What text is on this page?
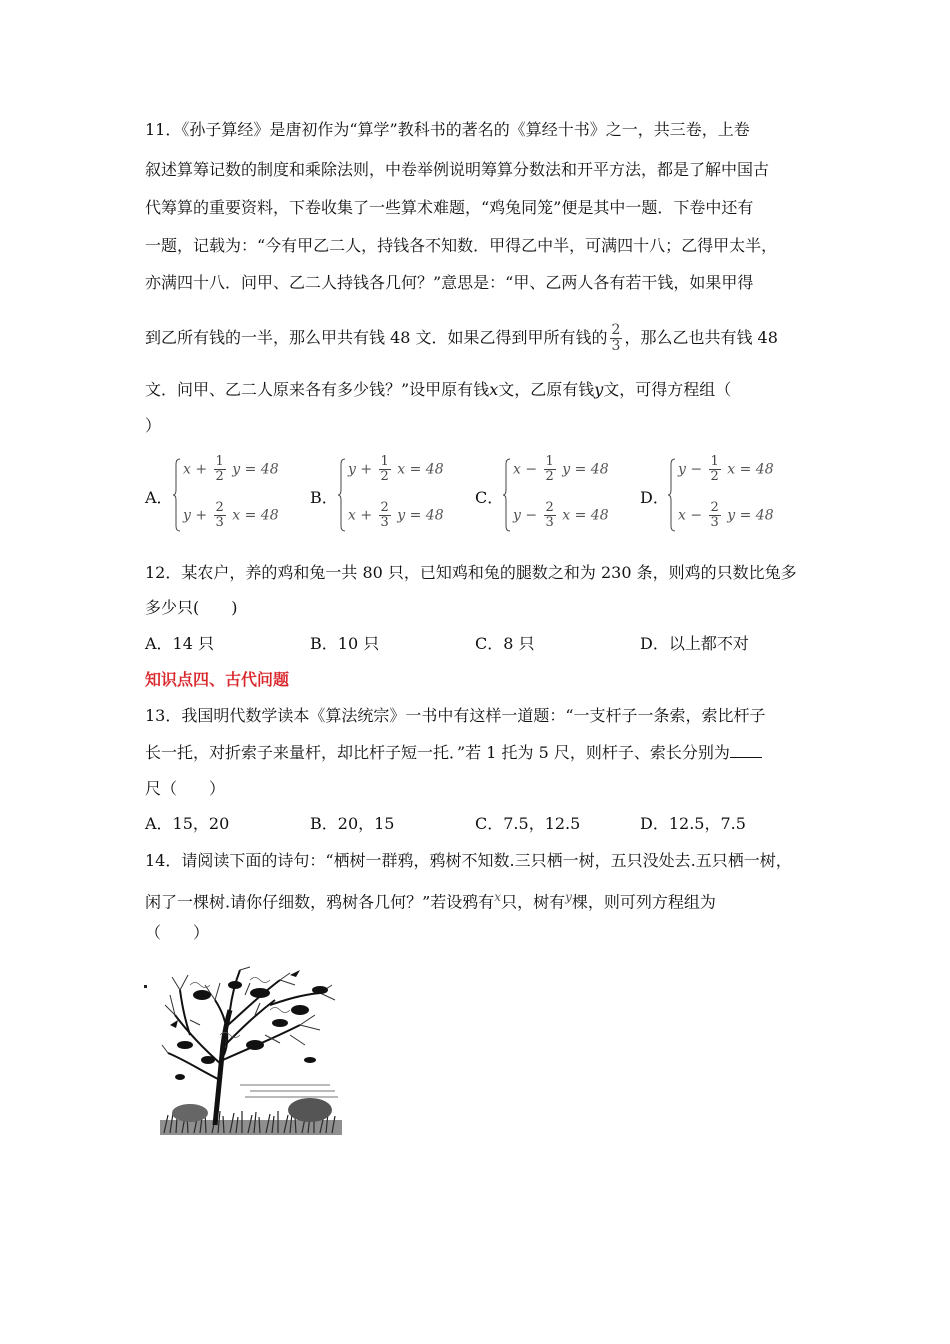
11．《孙子算经》是唐初作为“算学”教科书的著名的《算经十书》之一，共三卷，上卷
叙述算筹记数的制度和乘除法则，中卷举例说明筹算分数法和开平方法，都是了解中国古
代筹算的重要资料，下卷收集了一些算术难题，“鸡兔同笼”便是其中一题．下卷中还有
一题，记载为：“今有甲乙二人，持钱各不知数．甲得乙中半，可满四十八；乙得甲太半，
亦满四十八．问甲、乙二人持钱各几何？”意思是：“甲、乙两人各有若干钱，如果甲得
到乙所有钱的一半，那么甲共有钱 48 文．如果乙得到甲所有钱的 $\frac{2}{3}$ ，那么乙也共有钱 48
文．问甲、乙二人原来各有多少钱？”设甲原有钱x文，乙原有钱y文，可得方程组（
）
A．
$x + \frac{1}{2}$ y = 48
$y + \frac{2}{3}$ x = 48
B．
$y + \frac{1}{2}$ x = 48
$x + \frac{2}{3}$ y = 48
C．
$x - \frac{1}{2}$ y = 48
$y - \frac{2}{3}$ x = 48
D．
$y - \frac{1}{2}$ x = 48
$x - \frac{2}{3}$ y = 48
12．某农户，养的鸡和兔一共 80 只，已知鸡和兔的腿数之和为 230 条，则鸡的只数比兔多
多少只(　　)
A．14 只	B．10 只	C．8 只	D．以上都不对
知识点四、古代问题
13．我国明代数学读本《算法统宗》一书中有这样一道题：“一支杆子一条索，索比杆子
长一托，对折索子来量杆，却比杆子短一托．”若 1 托为 5 尺，则杆子、索长分别为
尺（　　）
A．15，20	B．20，15	C．7.5，12.5	D．12.5，7.5
14．请阅读下面的诗句：“栖树一群鸦，鸦树不知数.三只栖一树，五只没处去.五只栖一树，
闲了一棵树.请你仔细数，鸦树各几何？”若设鸦有$^x$只，树有$^y$棵，则可列方程组为
（　　）
